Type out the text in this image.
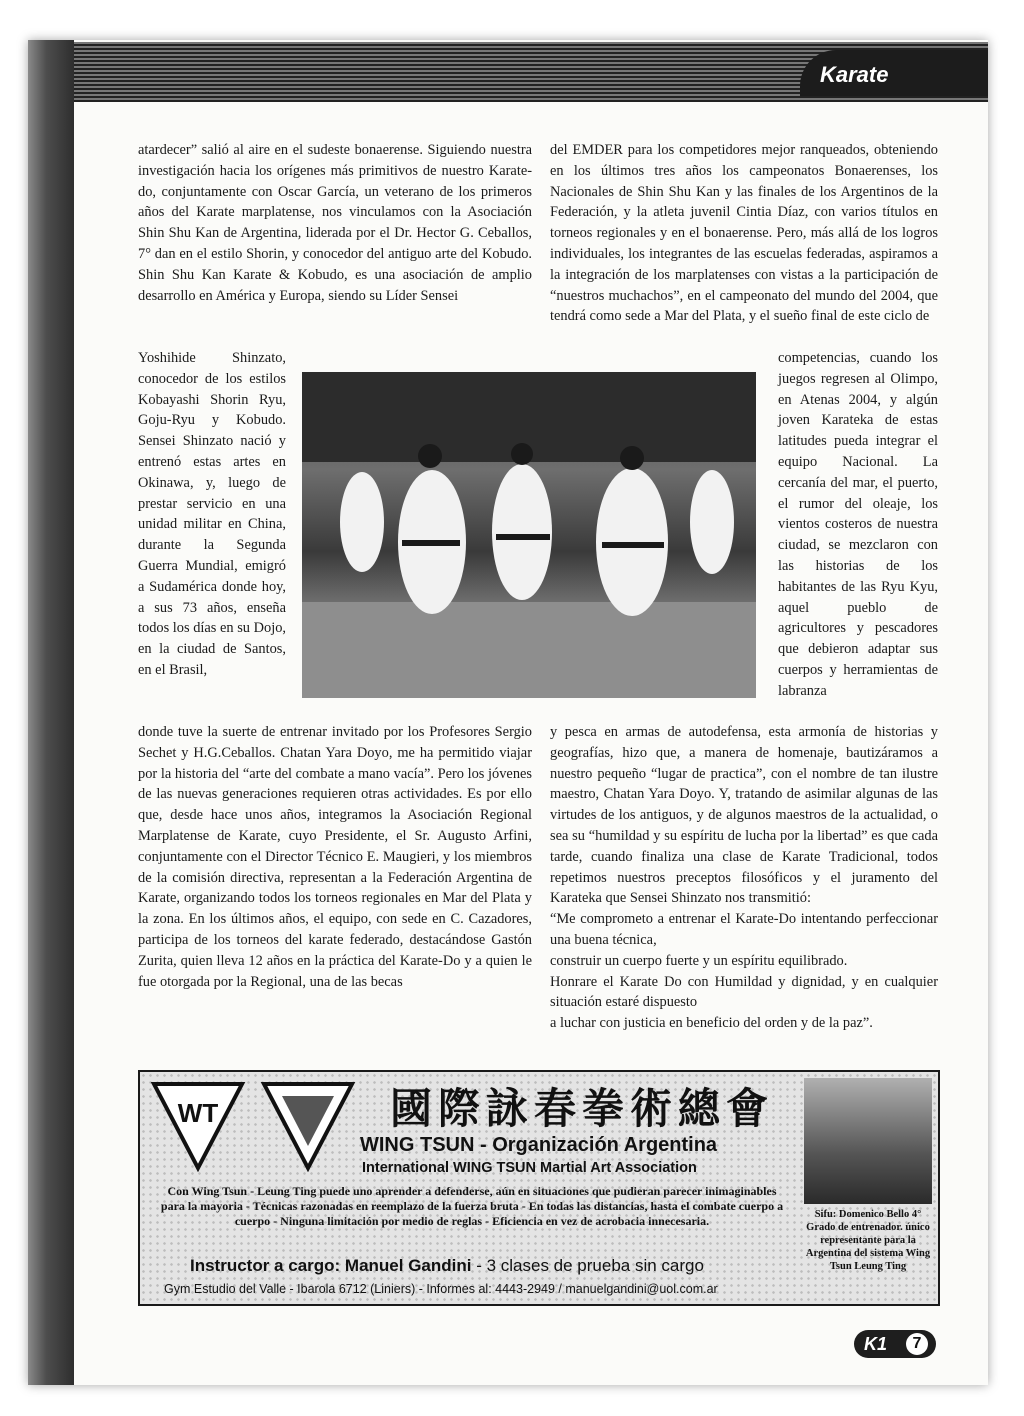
Karate

atardecer” salió al aire en el sudeste bonaerense. Siguiendo nuestra investigación hacia los orígenes más primitivos de nuestro Karate-do, conjuntamente con Oscar García, un veterano de los primeros años del Karate marplatense, nos vinculamos con la Asociación Shin Shu Kan de Argentina, liderada por el Dr. Hector G. Ceballos, 7° dan en el estilo Shorin, y conocedor del antiguo arte del Kobudo. Shin Shu Kan Karate & Kobudo, es una asociación de amplio desarrollo en América y Europa, siendo su Líder Sensei

Yoshihide Shinzato, conocedor de los estilos Kobayashi Shorin Ryu, Goju-Ryu y Kobudo. Sensei Shinzato nació y entrenó estas artes en Okinawa, y, luego de prestar servicio en una unidad militar en China, durante la Segunda Guerra Mundial, emigró a Sudamérica donde hoy, a sus 73 años, enseña todos los días en su Dojo, en la ciudad de Santos, en el Brasil,

donde tuve la suerte de entrenar invitado por los Profesores Sergio Sechet y H.G.Ceballos. Chatan Yara Doyo, me ha permitido viajar por la historia del “arte del combate a mano vacía”. Pero los jóvenes de las nuevas generaciones requieren otras actividades. Es por ello que, desde hace unos años, integramos la Asociación Regional Marplatense de Karate, cuyo Presidente, el Sr. Augusto Arfini, conjuntamente con el Director Técnico E. Maugieri, y los miembros de la comisión directiva, representan a la Federación Argentina de Karate, organizando todos los torneos regionales en Mar del Plata y la zona. En los últimos años, el equipo, con sede en C. Cazadores, participa de los torneos del karate federado, destacándose Gastón Zurita, quien lleva 12 años en la práctica del Karate-Do y a quien le fue otorgada por la Regional, una de las becas

del EMDER para los competidores mejor ranqueados, obteniendo en los últimos tres años los campeonatos Bonaerenses, los Nacionales de Shin Shu Kan y las finales de los Argentinos de la Federación, y la atleta juvenil Cintia Díaz, con varios títulos en torneos regionales y en el bonaerense. Pero, más allá de los logros individuales, los integrantes de las escuelas federadas, aspiramos a la integración de los marplatenses con vistas a la participación de “nuestros muchachos”, en el campeonato del mundo del 2004, que tendrá como sede a Mar del Plata, y el sueño final de este ciclo de

competencias, cuando los juegos regresen al Olimpo, en Atenas 2004, y algún joven Karateka de estas latitudes pueda integrar el equipo Nacional. La cercanía del mar, el puerto, el rumor del oleaje, los vientos costeros de nuestra ciudad, se mezclaron con las historias de los habitantes de las Ryu Kyu, aquel pueblo de agricultores y pescadores que debieron adaptar sus cuerpos y herramientas de labranza

y pesca en armas de autodefensa, esta armonía de historias y geografías, hizo que, a manera de homenaje, bautizáramos a nuestro pequeño “lugar de practica”, con el nombre de tan ilustre maestro, Chatan Yara Doyo. Y, tratando de asimilar algunas de las virtudes de los antiguos, y de algunos maestros de la actualidad, o sea su “humildad y su espíritu de lucha por la libertad” es que cada tarde, cuando finaliza una clase de Karate Tradicional, todos repetimos nuestros preceptos filosóficos y el juramento del Karateka que Sensei Shinzato nos transmitió:

“Me comprometo a entrenar el Karate-Do intentando perfeccionar una buena técnica,

construir un cuerpo fuerte y un espíritu equilibrado.

Honrare el Karate Do con Humildad y dignidad, y en cualquier situación estaré dispuesto

a luchar con justicia en beneficio del orden y de la paz”.

WT	國際詠春拳術總會
WING TSUN - Organización Argentina
International WING TSUN Martial Art Association
Con Wing Tsun - Leung Ting puede uno aprender a defenderse, aún en situaciones que pudieran parecer inimaginables para la mayoria - Técnicas razonadas en reemplazo de la fuerza bruta - En todas las distancias, hasta el combate cuerpo a cuerpo - Ninguna limitación por medio de reglas - Eficiencia en vez de acrobacia innecesaria.
Instructor a cargo: Manuel Gandini - 3 clases de prueba sin cargo
Gym Estudio del Valle - Ibarola 6712 (Liniers) - Informes al: 4443-2949 / manuelgandini@uol.com.ar
Sifu: Domenico Bello 4° Grado de entrenador. único representante para la Argentina del sistema Wing Tsun Leung Ting
K1	7
